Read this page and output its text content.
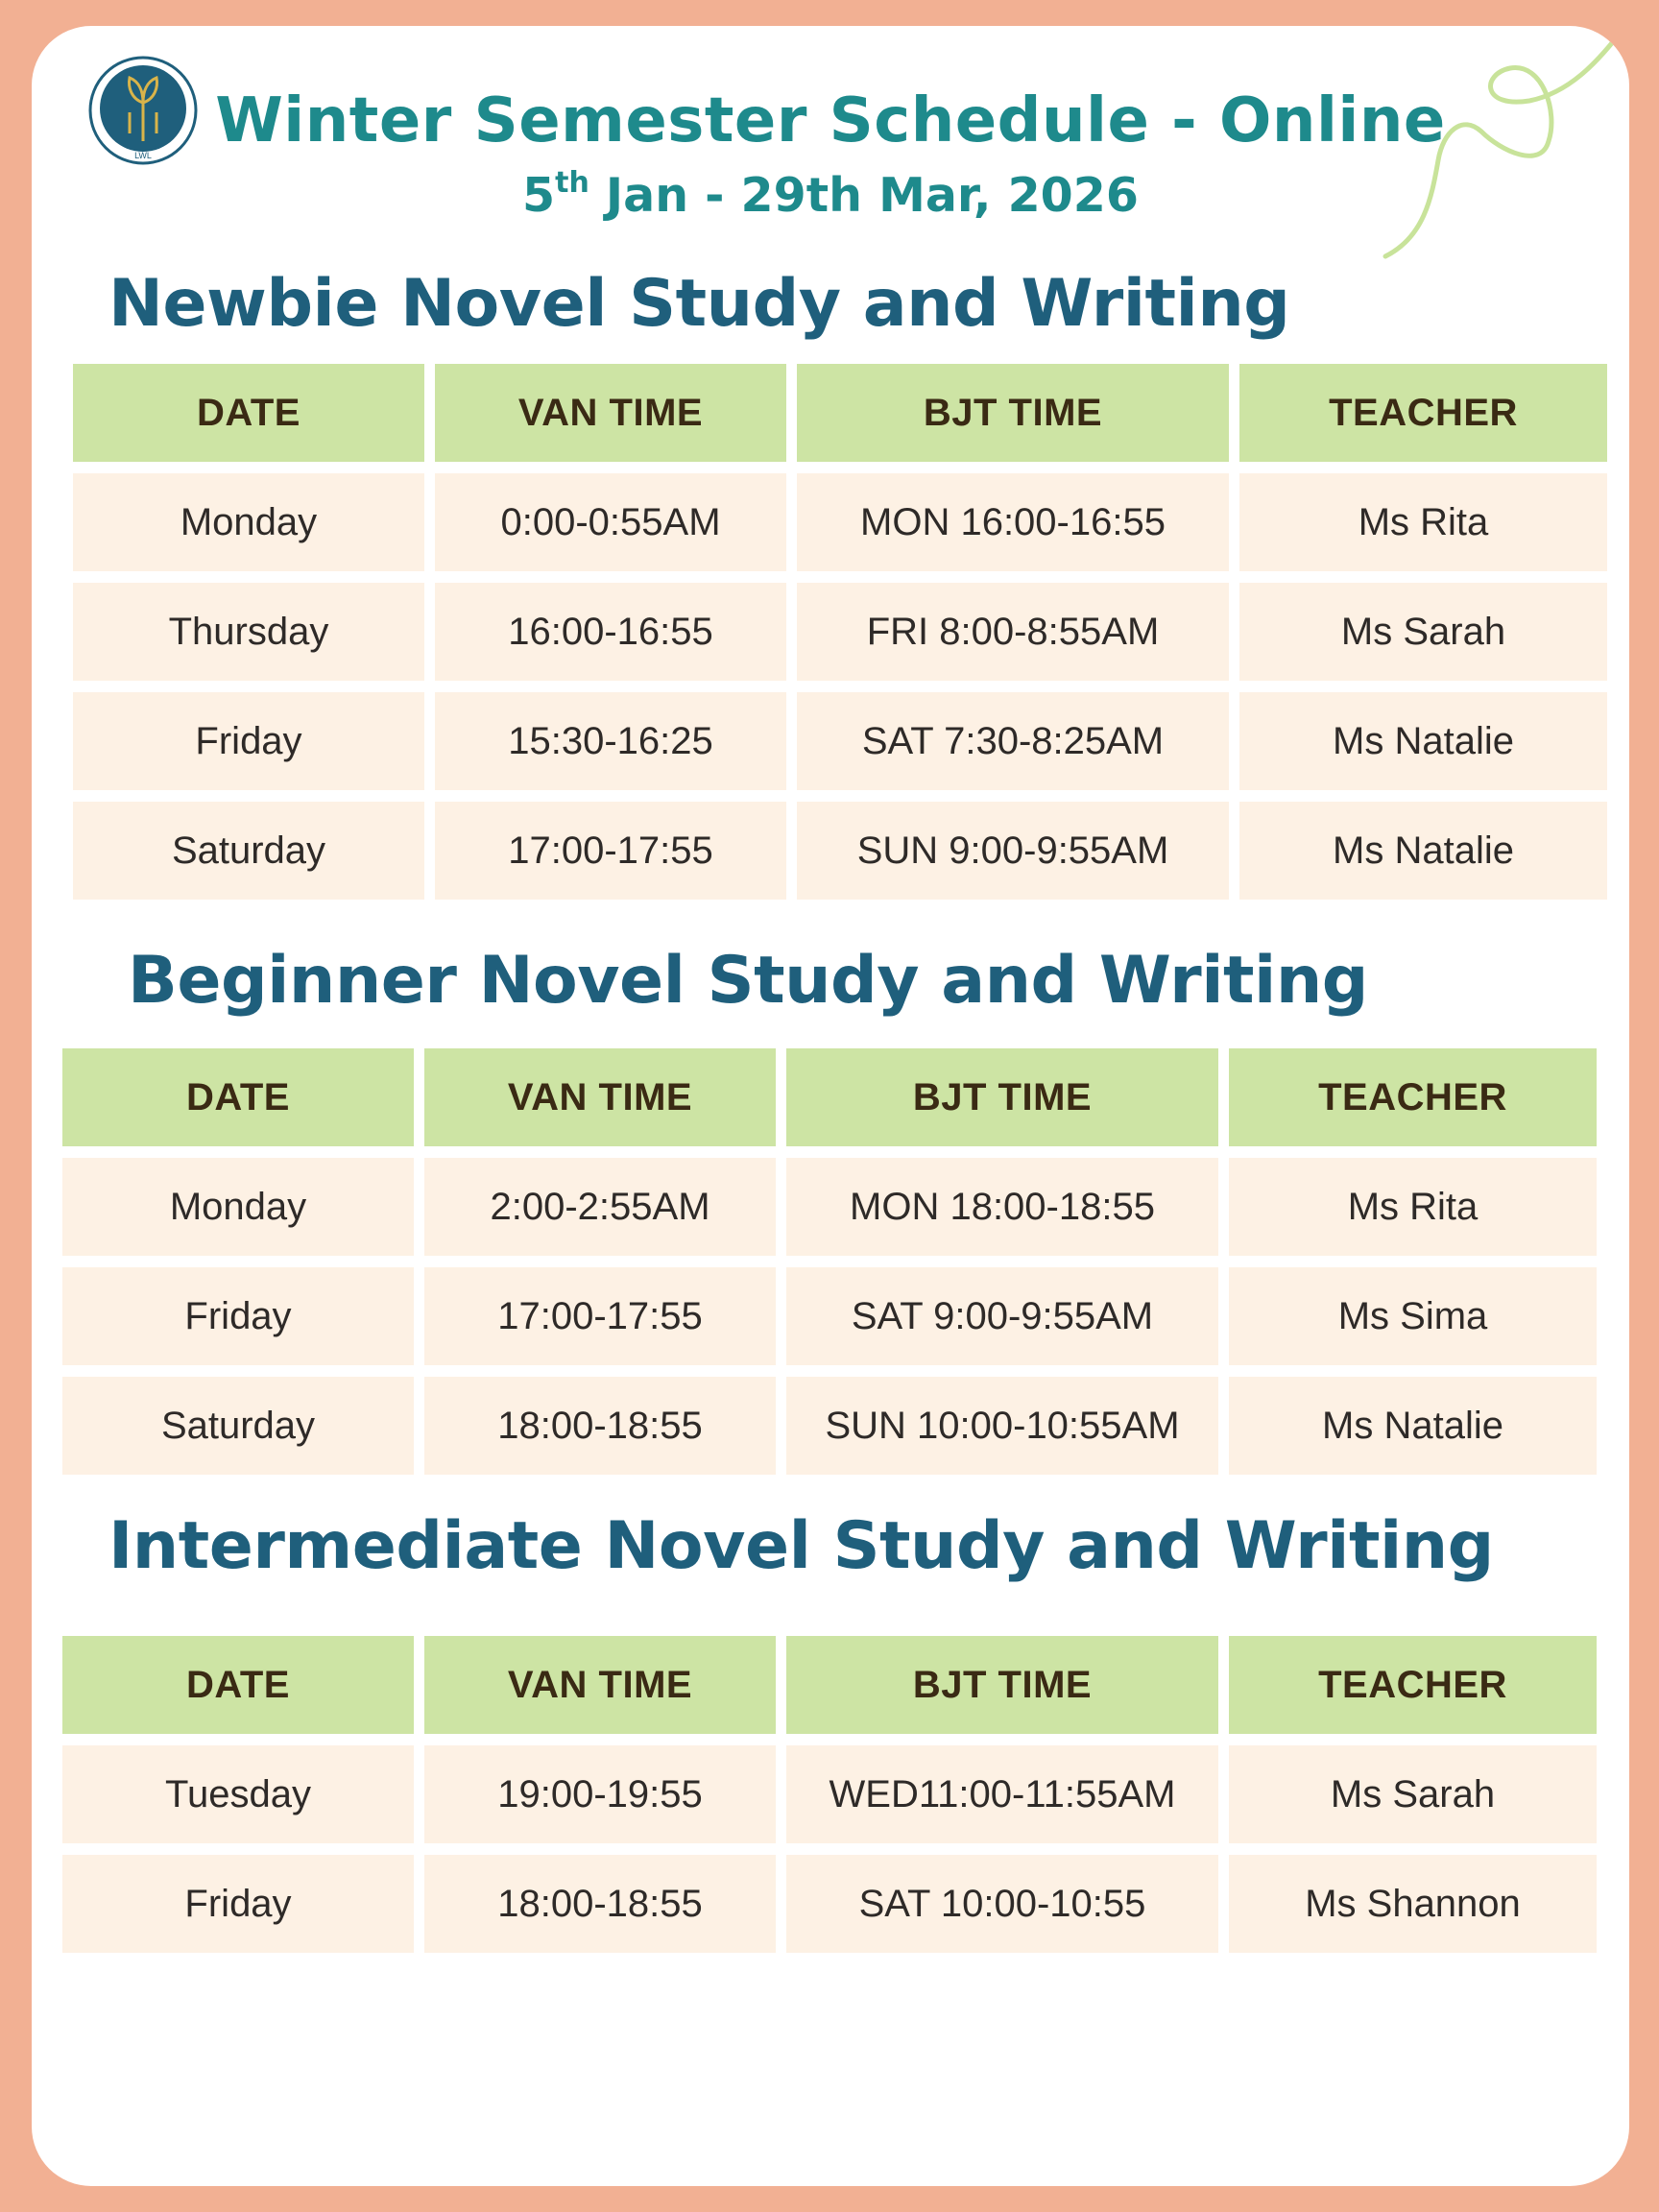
LWL	Winter Semester Schedule - Online
5th Jan - 29th Mar, 2026
Newbie Novel Study and Writing
DATE	VAN TIME	BJT TIME	TEACHER
Monday	0:00-0:55AM	MON 16:00-16:55	Ms Rita
Thursday	16:00-16:55	FRI 8:00-8:55AM	Ms Sarah
Friday	15:30-16:25	SAT 7:30-8:25AM	Ms Natalie
Saturday	17:00-17:55	SUN 9:00-9:55AM	Ms Natalie
Beginner Novel Study and Writing
DATE	VAN TIME	BJT TIME	TEACHER
Monday	2:00-2:55AM	MON 18:00-18:55	Ms Rita
Friday	17:00-17:55	SAT 9:00-9:55AM	Ms Sima
Saturday	18:00-18:55	SUN 10:00-10:55AM	Ms Natalie
Intermediate Novel Study and Writing
DATE	VAN TIME	BJT TIME	TEACHER
Tuesday	19:00-19:55	WED11:00-11:55AM	Ms Sarah
Friday	18:00-18:55	SAT 10:00-10:55	Ms Shannon
